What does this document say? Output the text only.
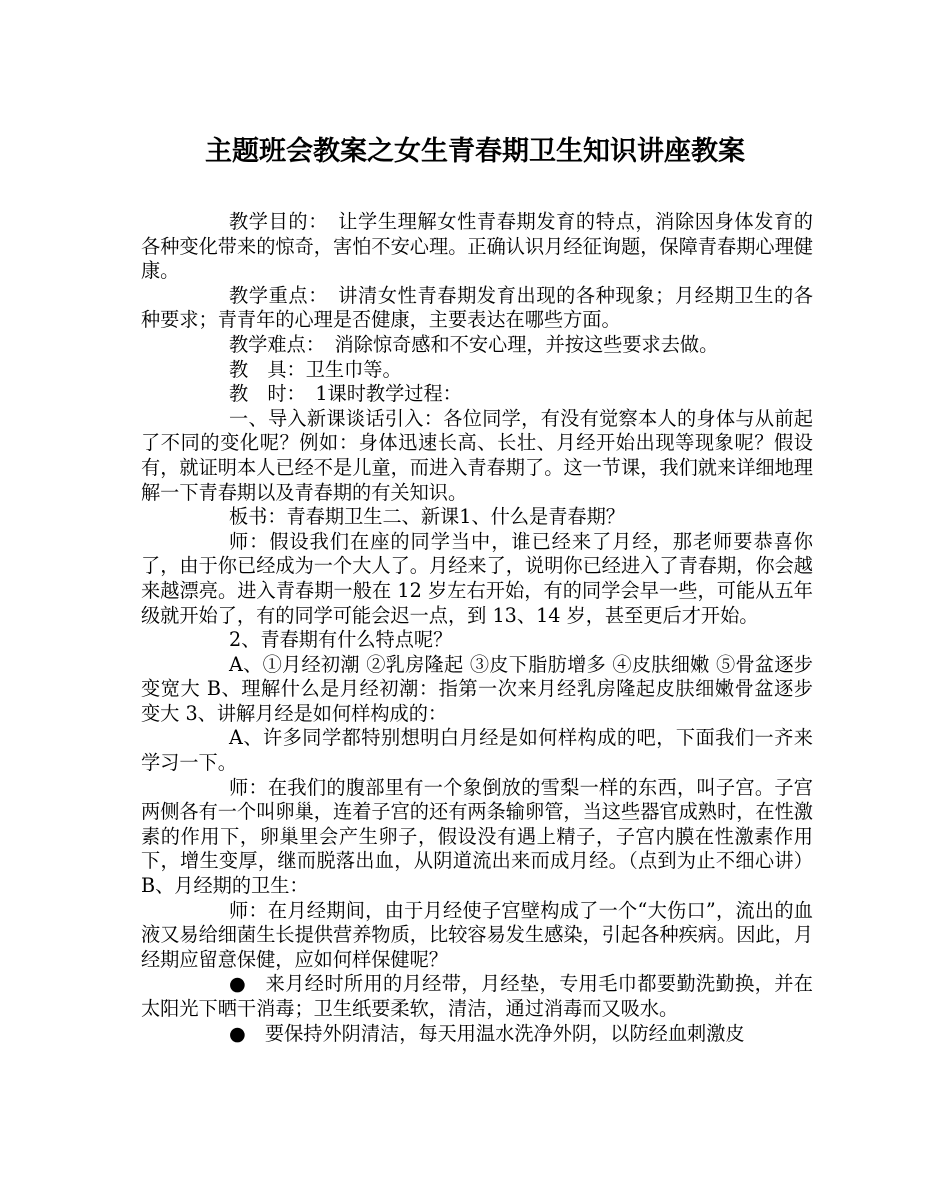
主题班会教案之女生青春期卫生知识讲座教案

教学目的：　让学生理解女性青春期发育的特点，消除因身体发育的各种变化带来的惊奇，害怕不安心理。正确认识月经征询题，保障青春期心理健康。

教学重点：　讲清女性青春期发育出现的各种现象；月经期卫生的各种要求；青青年的心理是否健康，主要表达在哪些方面。

教学难点：　消除惊奇感和不安心理，并按这些要求去做。

教　具：卫生巾等。

教　时：　1课时教学过程：

一、导入新课谈话引入：各位同学，有没有觉察本人的身体与从前起了不同的变化呢？例如：身体迅速长高、长壮、月经开始出现等现象呢？假设有，就证明本人已经不是儿童，而进入青春期了。这一节课，我们就来详细地理解一下青春期以及青春期的有关知识。

板书：青春期卫生二、新课1、什么是青春期？

师：假设我们在座的同学当中，谁已经来了月经，那老师要恭喜你了，由于你已经成为一个大人了。月经来了，说明你已经进入了青春期，你会越来越漂亮。进入青春期一般在 12 岁左右开始，有的同学会早一些，可能从五年级就开始了，有的同学可能会迟一点，到 13、14 岁，甚至更后才开始。

2、青春期有什么特点呢？

A、①月经初潮 ②乳房隆起 ③皮下脂肪增多 ④皮肤细嫩 ⑤骨盆逐步变宽大 B、理解什么是月经初潮：指第一次来月经乳房隆起皮肤细嫩骨盆逐步变大 3、讲解月经是如何样构成的：

A、许多同学都特别想明白月经是如何样构成的吧，下面我们一齐来学习一下。

师：在我们的腹部里有一个象倒放的雪梨一样的东西，叫子宫。子宫两侧各有一个叫卵巢，连着子宫的还有两条输卵管，当这些器官成熟时，在性激素的作用下，卵巢里会产生卵子，假设没有遇上精子，子宫内膜在性激素作用下，增生变厚，继而脱落出血，从阴道流出来而成月经。（点到为止不细心讲）B、月经期的卫生：

师：在月经期间，由于月经使子宫壁构成了一个“大伤口”，流出的血液又易给细菌生长提供营养物质，比较容易发生感染，引起各种疾病。因此，月经期应留意保健，应如何样保健呢？

●　来月经时所用的月经带，月经垫，专用毛巾都要勤洗勤换，并在太阳光下晒干消毒；卫生纸要柔软，清洁，通过消毒而又吸水。

●　要保持外阴清洁，每天用温水洗净外阴，以防经血刺激皮
